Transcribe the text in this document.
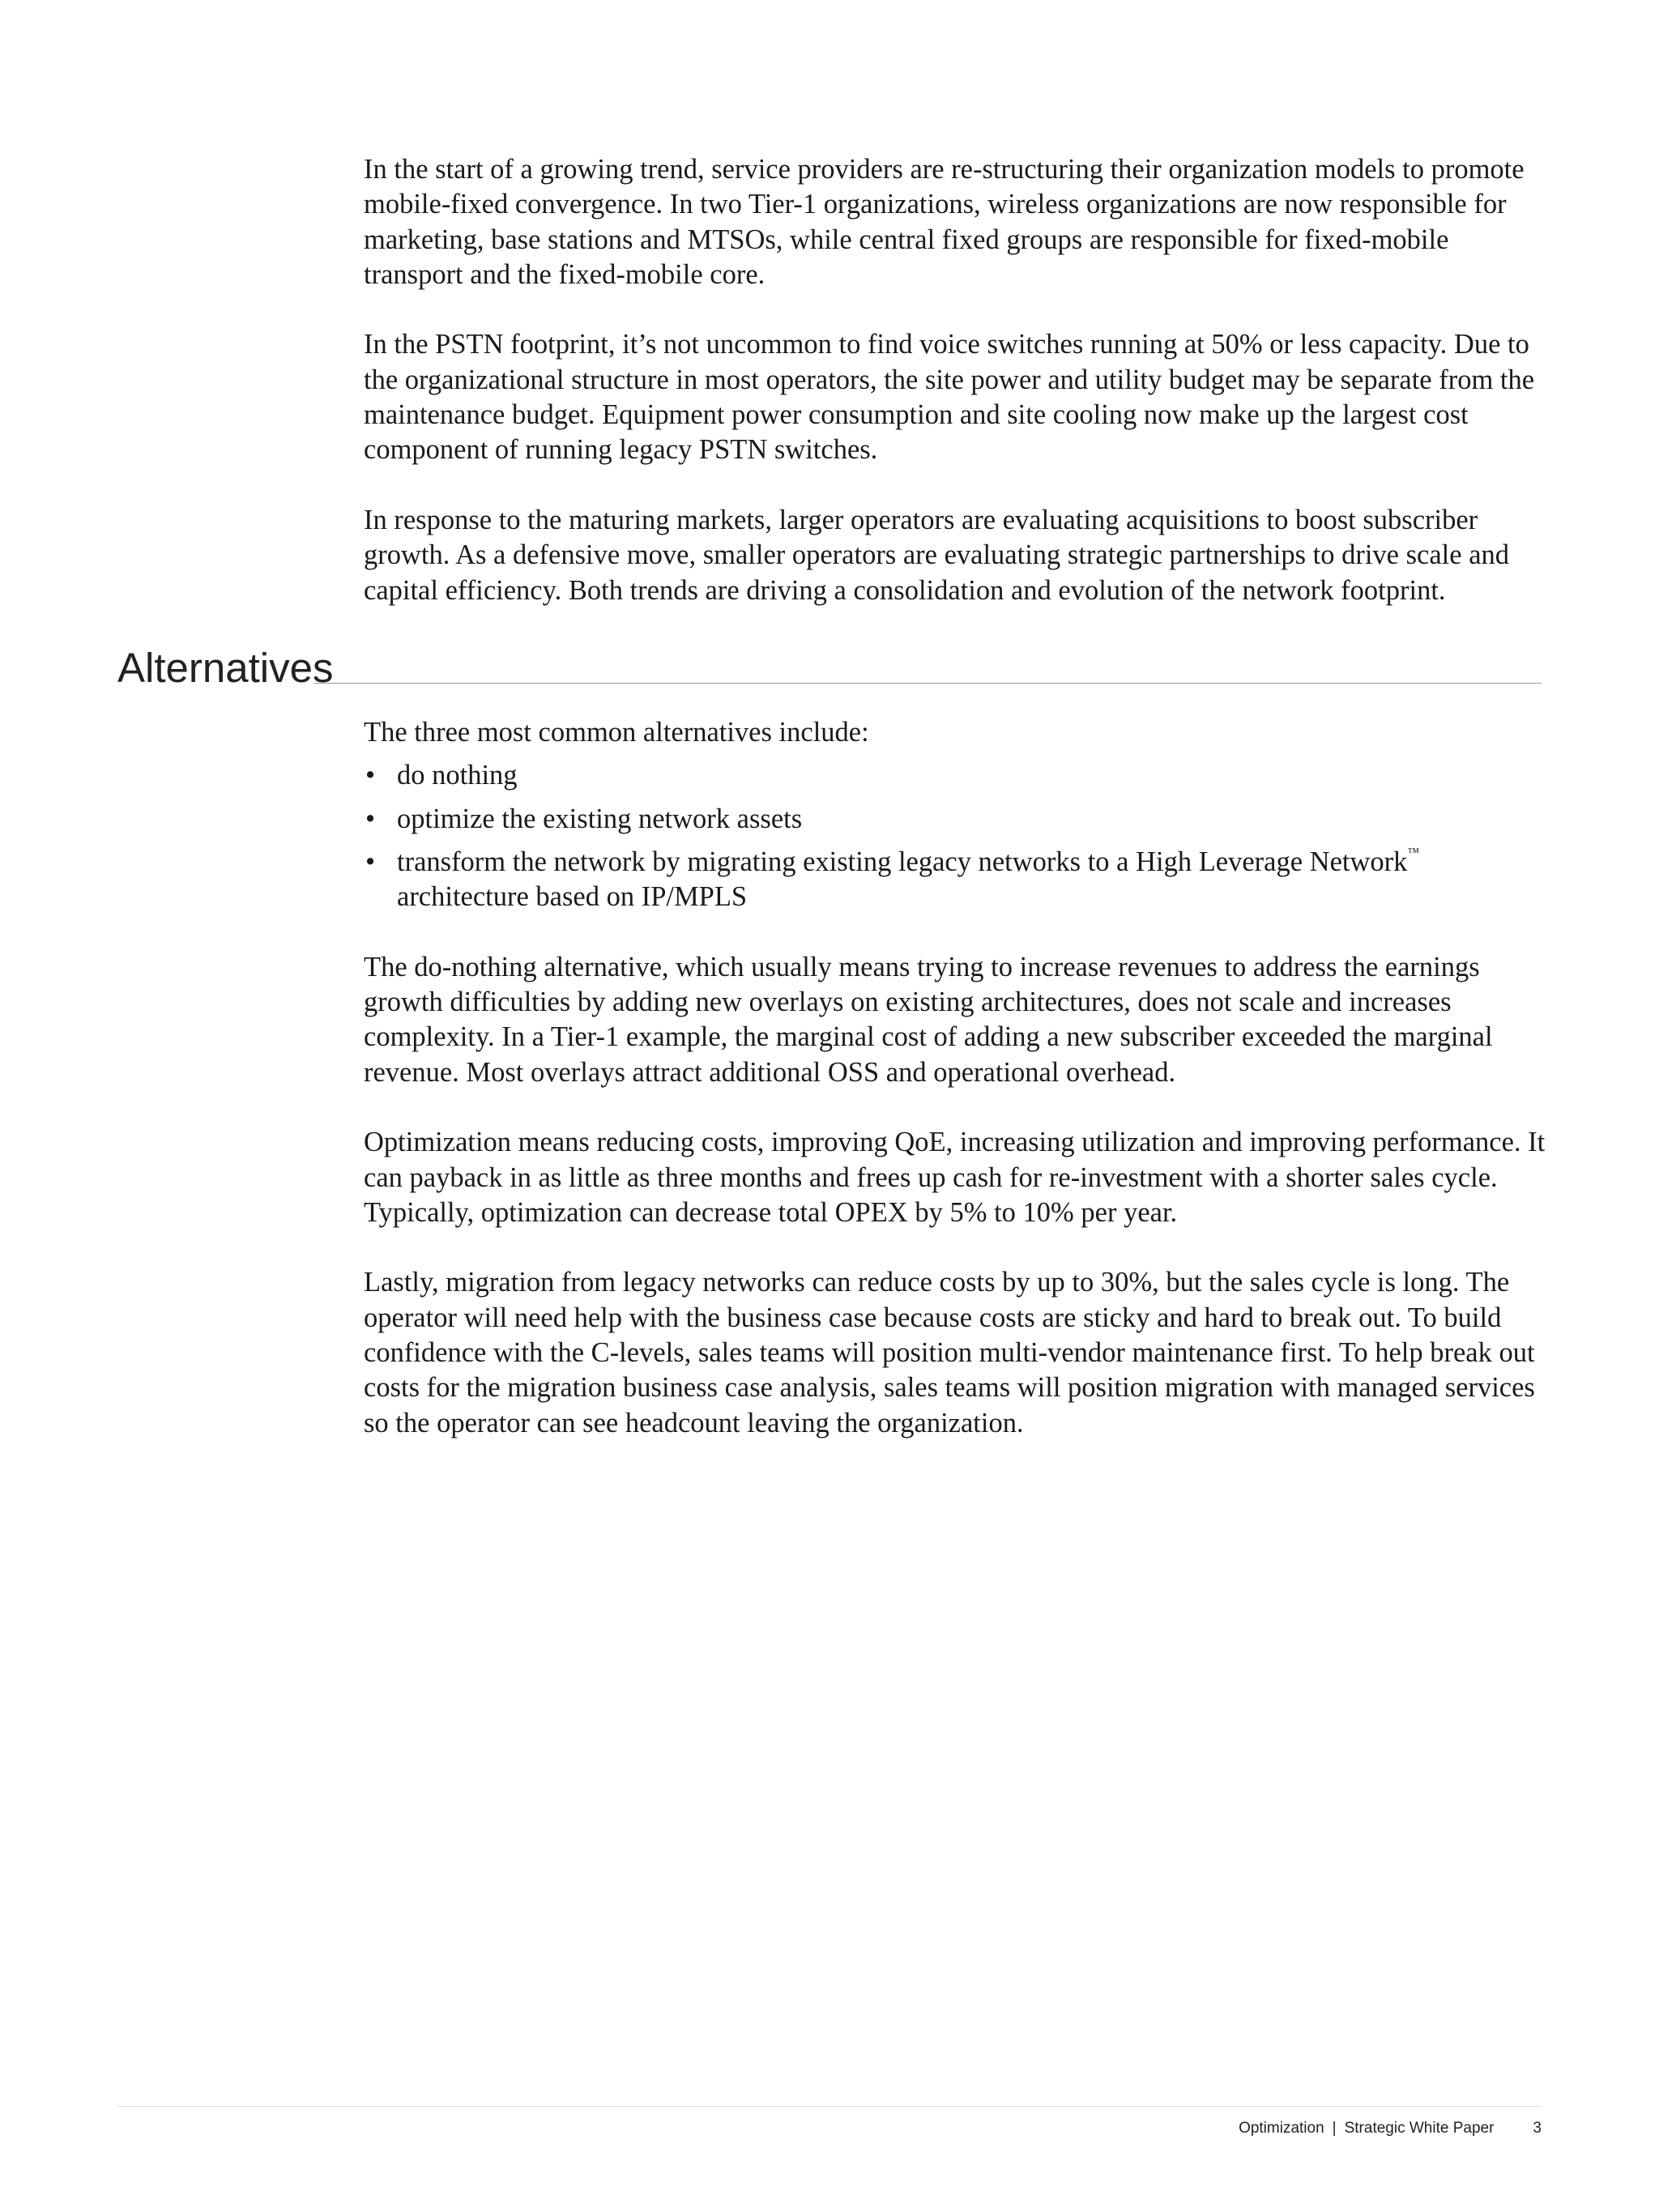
In the start of a growing trend, service providers are re-structuring their organization models to promote mobile-fixed convergence. In two Tier-1 organizations, wireless organizations are now responsible for marketing, base stations and MTSOs, while central fixed groups are responsible for fixed-mobile transport and the fixed-mobile core.

In the PSTN footprint, it’s not uncommon to find voice switches running at 50% or less capacity. Due to the organizational structure in most operators, the site power and utility budget may be separate from the maintenance budget. Equipment power consumption and site cooling now make up the largest cost component of running legacy PSTN switches.

In response to the maturing markets, larger operators are evaluating acquisitions to boost subscriber growth. As a defensive move, smaller operators are evaluating strategic partnerships to drive scale and capital efficiency. Both trends are driving a consolidation and evolution of the network footprint.

Alternatives

The three most common alternatives include:

• do nothing
• optimize the existing network assets
• transform the network by migrating existing legacy networks to a High Leverage Network™
architecture based on IP/MPLS

The do-nothing alternative, which usually means trying to increase revenues to address the earnings growth difficulties by adding new overlays on existing architectures, does not scale and increases complexity. In a Tier-1 example, the marginal cost of adding a new subscriber exceeded the marginal revenue. Most overlays attract additional OSS and operational overhead.

Optimization means reducing costs, improving QoE, increasing utilization and improving performance. It can payback in as little as three months and frees up cash for re-investment with a shorter sales cycle. Typically, optimization can decrease total OPEX by 5% to 10% per year.

Lastly, migration from legacy networks can reduce costs by up to 30%, but the sales cycle is long. The operator will need help with the business case because costs are sticky and hard to break out. To build confidence with the C-levels, sales teams will position multi-vendor maintenance first. To help break out costs for the migration business case analysis, sales teams will position migration with managed services so the operator can see headcount leaving the organization.

Optimization | Strategic White Paper	3
